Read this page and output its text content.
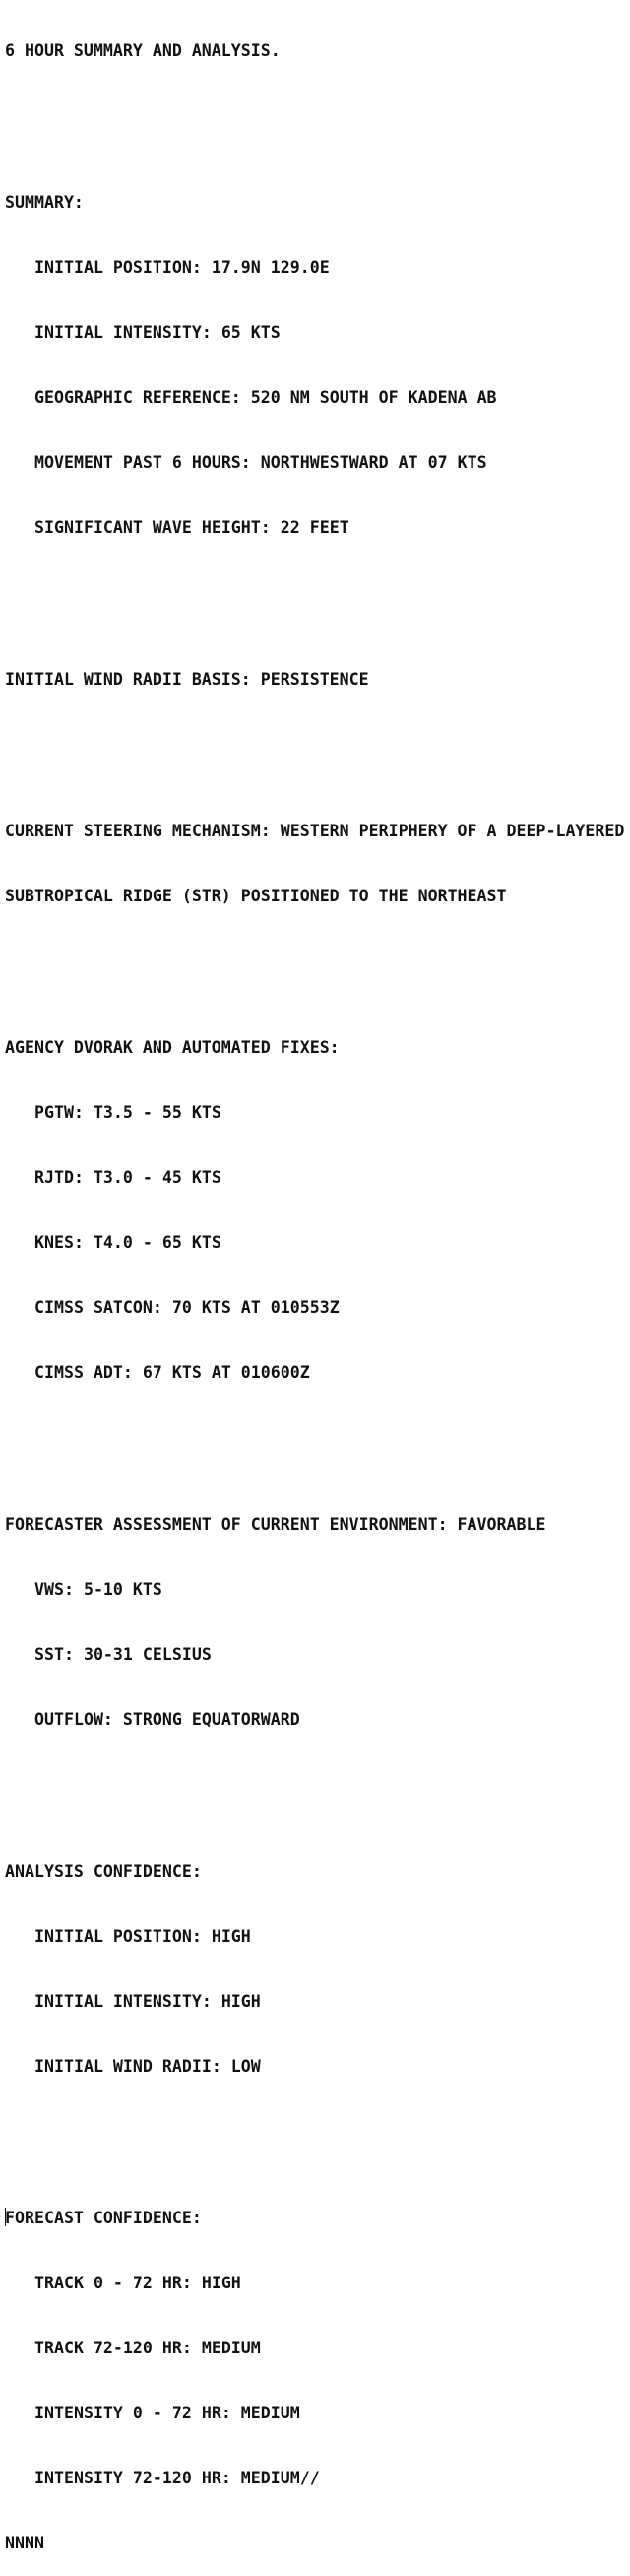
6 HOUR SUMMARY AND ANALYSIS.

SUMMARY:

INITIAL POSITION: 17.9N 129.0E

INITIAL INTENSITY: 65 KTS

GEOGRAPHIC REFERENCE: 520 NM SOUTH OF KADENA AB

MOVEMENT PAST 6 HOURS: NORTHWESTWARD AT 07 KTS

SIGNIFICANT WAVE HEIGHT: 22 FEET

INITIAL WIND RADII BASIS: PERSISTENCE

CURRENT STEERING MECHANISM: WESTERN PERIPHERY OF A DEEP-LAYERED

SUBTROPICAL RIDGE (STR) POSITIONED TO THE NORTHEAST

AGENCY DVORAK AND AUTOMATED FIXES:

PGTW: T3.5 - 55 KTS

RJTD: T3.0 - 45 KTS

KNES: T4.0 - 65 KTS

CIMSS SATCON: 70 KTS AT 010553Z

CIMSS ADT: 67 KTS AT 010600Z

FORECASTER ASSESSMENT OF CURRENT ENVIRONMENT: FAVORABLE

VWS: 5-10 KTS

SST: 30-31 CELSIUS

OUTFLOW: STRONG EQUATORWARD

ANALYSIS CONFIDENCE:

INITIAL POSITION: HIGH

INITIAL INTENSITY: HIGH

INITIAL WIND RADII: LOW

FORECAST CONFIDENCE:

TRACK 0 - 72 HR: HIGH

TRACK 72-120 HR: MEDIUM

INTENSITY 0 - 72 HR: MEDIUM

INTENSITY 72-120 HR: MEDIUM//

NNNN
